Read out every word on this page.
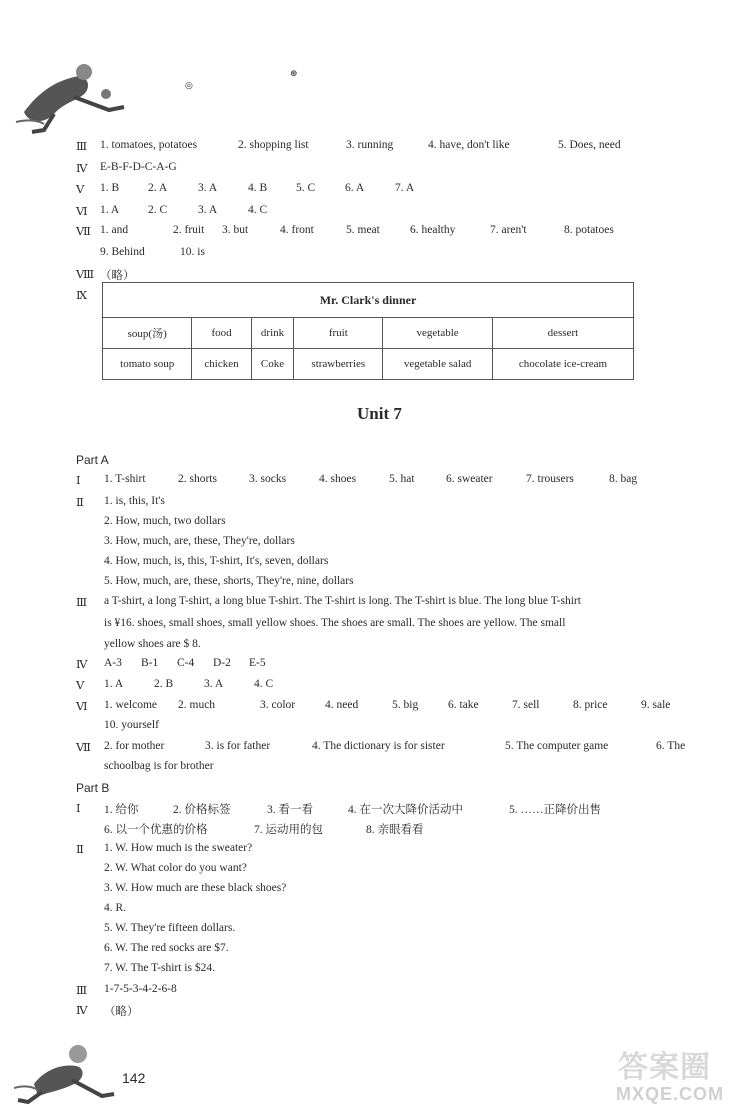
⊛
◎
Ⅲ 1. tomatoes, potatoes	2. shopping list	3. running	4. have, don't like	5. Does, need
Ⅳ E-B-F-D-C-A-G
Ⅴ 1. B	2. A	3. A	4. B	5. C	6. A	7. A
Ⅵ 1. A	2. C	3. A	4. C
Ⅶ 1. and	2. fruit 3. but	4. front	5. meat	6. healthy	7. aren't	8. potatoes
9. Behind	10. is
Ⅷ （略）
Ⅸ	Mr. Clark's dinner					
soup(汤)	food	drink	fruit	vegetable	dessert
tomato soup	chicken	Coke	strawberries	vegetable salad	chocolate ice-cream
Unit 7
Part A
Ⅰ 1. T-shirt	2. shorts	3. socks	4. shoes	5. hat	6. sweater	7. trousers	8. bag
Ⅱ 1. is, this, It's
2. How, much, two dollars
3. How, much, are, these, They're, dollars
4. How, much, is, this, T-shirt, It's, seven, dollars
5. How, much, are, these, shorts, They're, nine, dollars
Ⅲ a T-shirt, a long T-shirt, a long blue T-shirt. The T-shirt is long. The T-shirt is blue. The long blue T-shirt
is ¥16. shoes, small shoes, small yellow shoes. The shoes are small. The shoes are yellow. The small
yellow shoes are $ 8.
Ⅳ A-3 B-1 C-4 D-2 E-5
Ⅴ 1. A	2. B	3. A	4. C
Ⅵ 1. welcome 2. much	3. color	4. need	5. big	6. take	7. sell	8. price	9. sale
10. yourself
Ⅶ 2. for mother	3. is for father	4. The dictionary is for sister	5. The computer game	6. The
schoolbag is for brother
Part B
Ⅰ 1. 给你	2. 价格标签	3. 看一看	4. 在一次大降价活动中	5. ……正降价出售
6. 以一个优惠的价格	7. 运动用的包	8. 亲眼看看
Ⅱ 1. W. How much is the sweater?
2. W. What color do you want?
3. W. How much are these black shoes?
4. R.
5. W. They're fifteen dollars.
6. W. The red socks are $7.
7. W. The T-shirt is $24.
Ⅲ 1-7-5-3-4-2-6-8
Ⅳ （略）
142	答案圈
MXQE.COM
